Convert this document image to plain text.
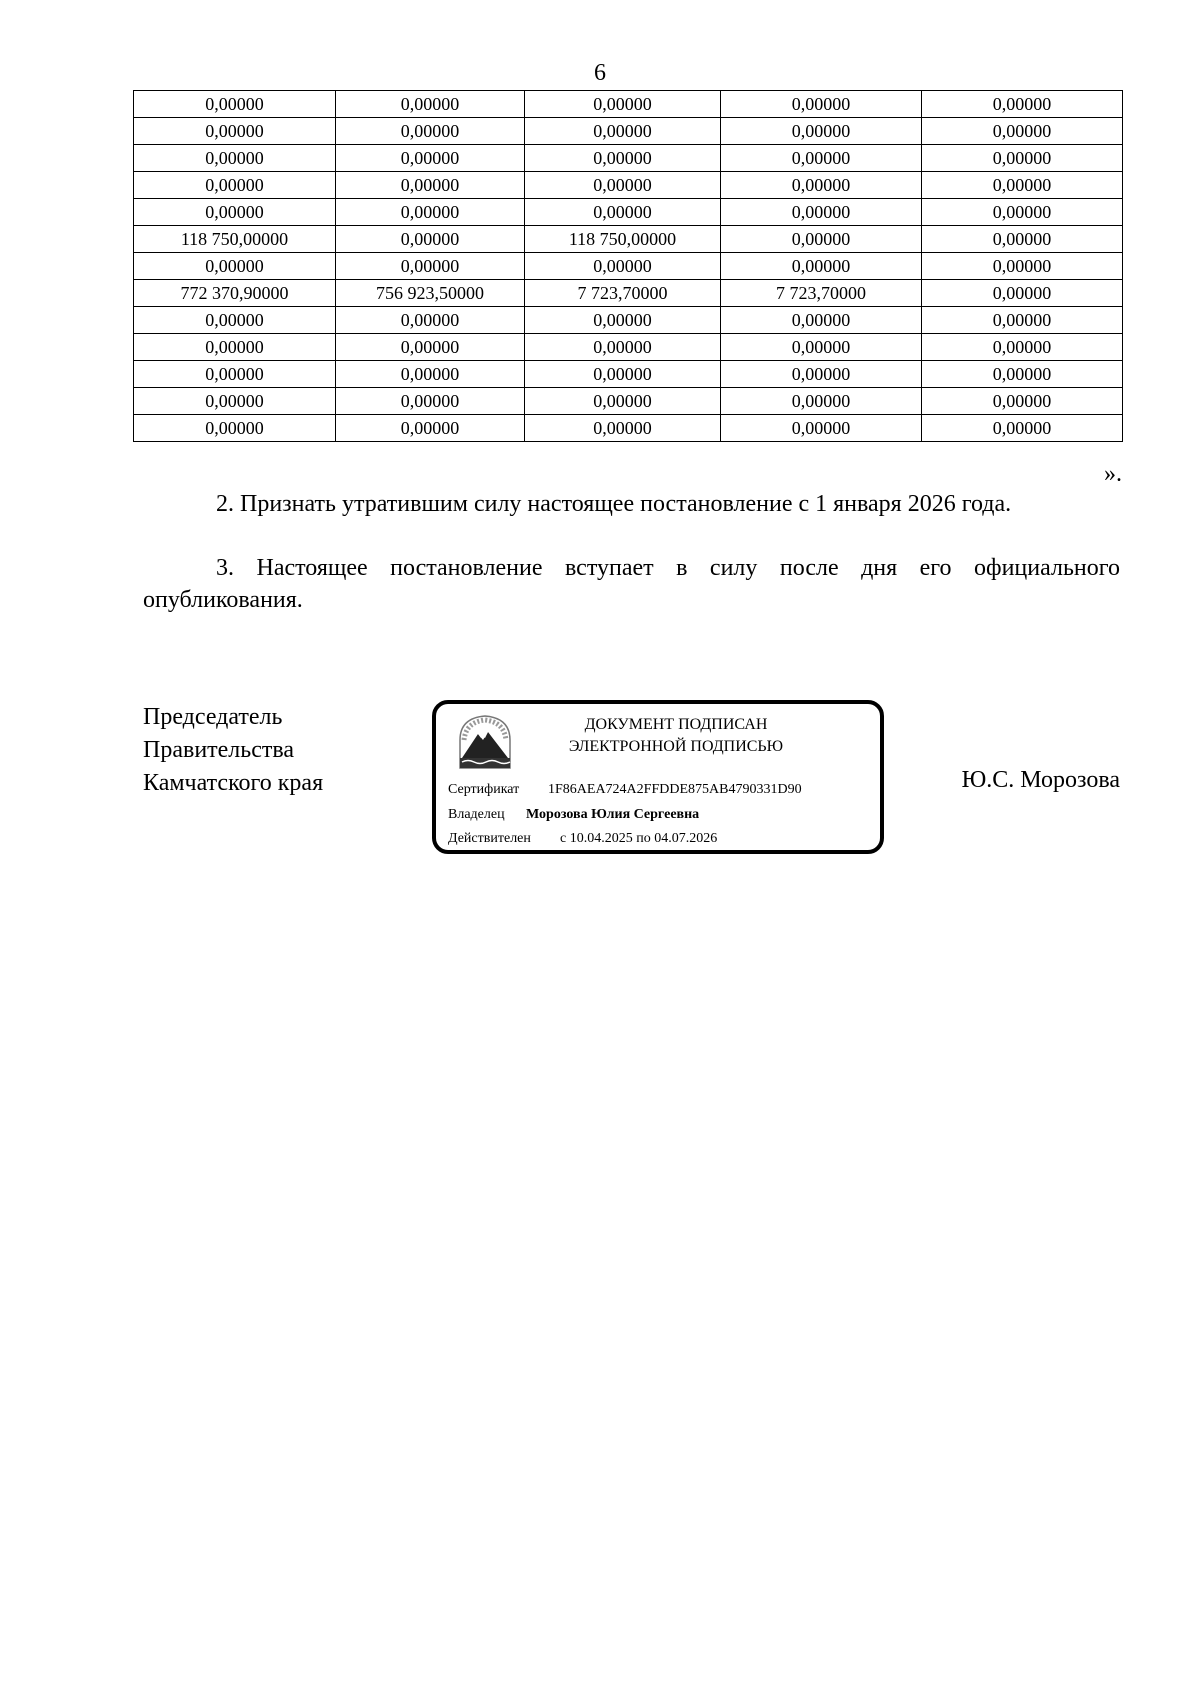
6
0,00000	0,00000	0,00000	0,00000	0,00000
0,00000	0,00000	0,00000	0,00000	0,00000
0,00000	0,00000	0,00000	0,00000	0,00000
0,00000	0,00000	0,00000	0,00000	0,00000
0,00000	0,00000	0,00000	0,00000	0,00000
118 750,00000	0,00000	118 750,00000	0,00000	0,00000
0,00000	0,00000	0,00000	0,00000	0,00000
772 370,90000	756 923,50000	7 723,70000	7 723,70000	0,00000
0,00000	0,00000	0,00000	0,00000	0,00000
0,00000	0,00000	0,00000	0,00000	0,00000
0,00000	0,00000	0,00000	0,00000	0,00000
0,00000	0,00000	0,00000	0,00000	0,00000
0,00000	0,00000	0,00000	0,00000	0,00000
».

2. Признать утратившим силу настоящее постановление с 1 января 2026 года.

3. Настоящее постановление вступает в силу после дня его официального опубликования.

Председатель
Правительства
Камчатского края
ДОКУМЕНТ ПОДПИСАН
ЭЛЕКТРОННОЙ ПОДПИСЬЮ
Сертификат 1F86AEA724A2FFDDE875AB4790331D90
Владелец Морозова Юлия Сергеевна
Действителен с 10.04.2025 по 04.07.2026
Ю.С. Морозова
